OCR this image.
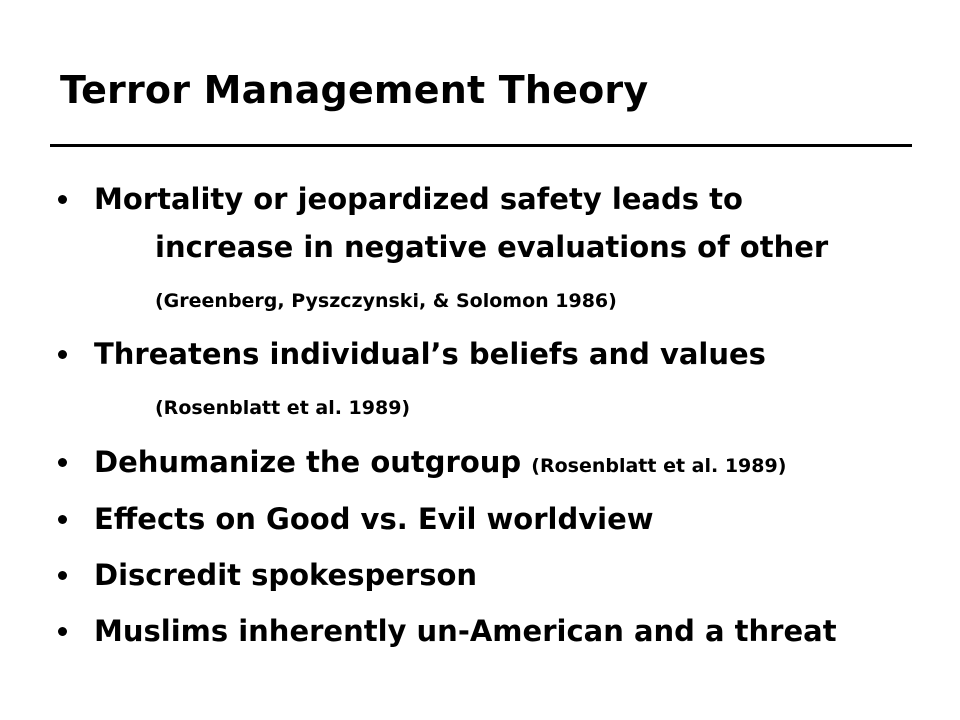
Terror Management Theory
Mortality or jeopardized safety leads to
increase in negative evaluations of other
(Greenberg, Pyszczynski, & Solomon 1986)
Threatens individual’s beliefs and values
(Rosenblatt et al. 1989)
Dehumanize the outgroup (Rosenblatt et al. 1989)
Effects on Good vs. Evil worldview
Discredit spokesperson
Muslims inherently un-American and a threat
